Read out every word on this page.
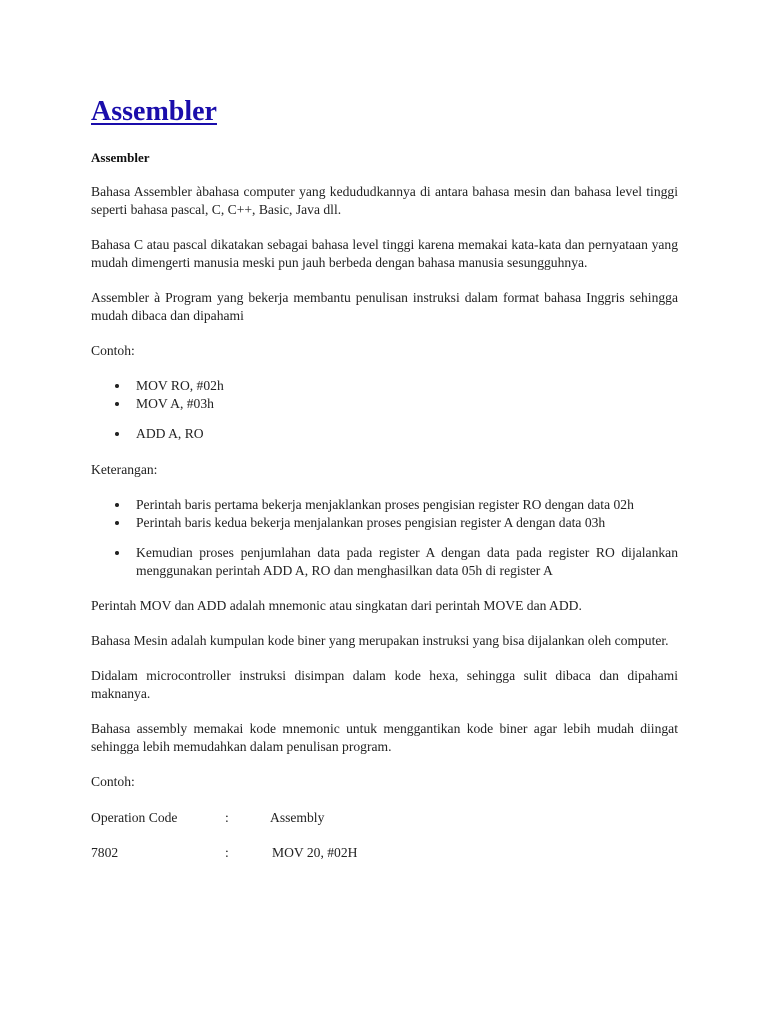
Assembler
Assembler

Bahasa Assembler àbahasa computer yang kedududkannya di antara bahasa mesin dan bahasa level tinggi seperti bahasa pascal, C, C++, Basic, Java dll.

Bahasa C atau pascal dikatakan sebagai bahasa level tinggi karena memakai kata-kata dan pernyataan yang mudah dimengerti manusia meski pun jauh berbeda dengan bahasa manusia sesungguhnya.

Assembler à Program yang bekerja membantu penulisan instruksi dalam format bahasa Inggris sehingga mudah dibaca dan dipahami

Contoh:

MOV RO, #02h
MOV A, #03h
ADD A, RO

Keterangan:

Perintah baris pertama bekerja menjaklankan proses pengisian register RO dengan data 02h
Perintah baris kedua bekerja menjalankan proses pengisian register A dengan data 03h
Kemudian proses penjumlahan data pada register A dengan data pada register RO dijalankan menggunakan perintah ADD A, RO dan menghasilkan data 05h di register A

Perintah MOV dan ADD adalah mnemonic atau singkatan dari perintah MOVE dan ADD.

Bahasa Mesin adalah kumpulan kode biner yang merupakan instruksi yang bisa dijalankan oleh computer.

Didalam microcontroller instruksi disimpan dalam kode hexa, sehingga sulit dibaca dan dipahami maknanya.

Bahasa assembly memakai kode mnemonic untuk menggantikan kode biner agar lebih mudah diingat sehingga lebih memudahkan dalam penulisan program.

Contoh:

Operation Code	:	Assembly
7802	:	MOV 20, #02H
